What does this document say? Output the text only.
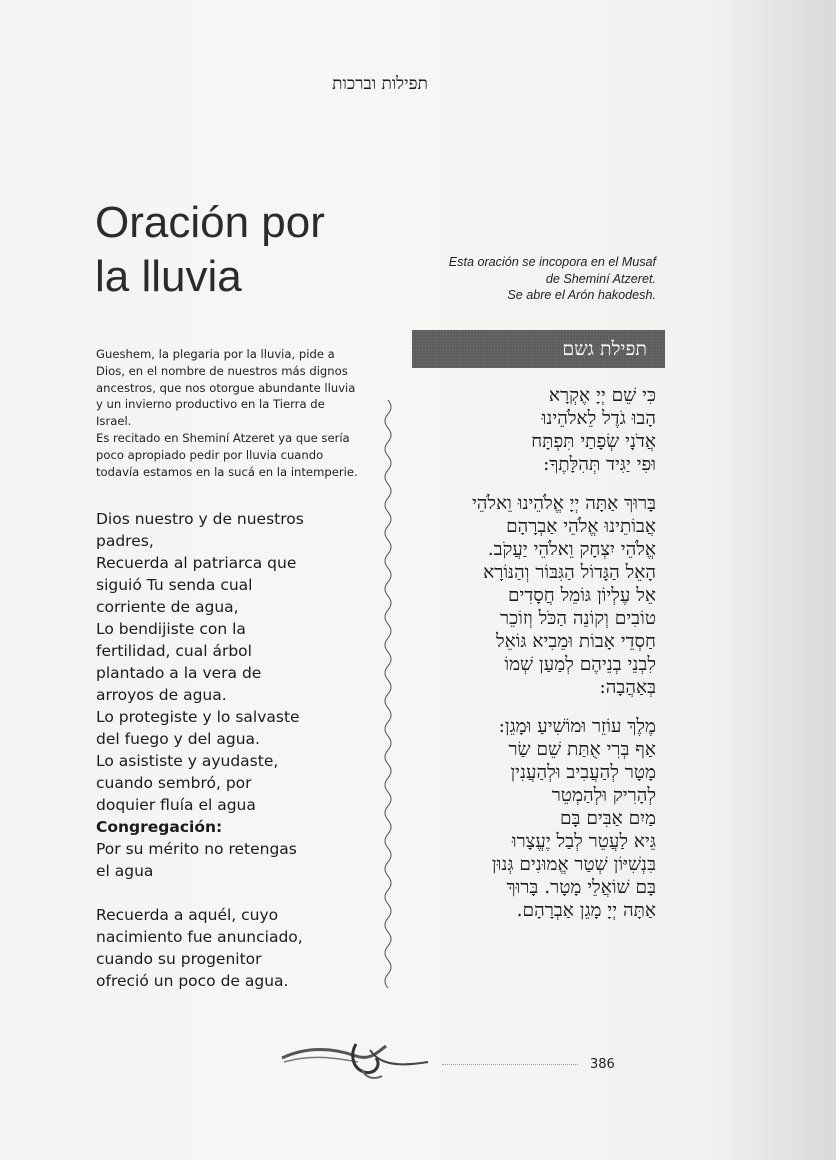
תפילות וברכות
Oración por
la lluvia

Gueshem, la plegaria por la lluvia, pide a Dios, en el nombre de nuestros más dignos ancestros, que nos otorgue abundante lluvia y un invierno productivo en la Tierra de Israel.

Es recitado en Sheminí Atzeret ya que sería poco apropiado pedir por lluvia cuando todavía estamos en la sucá en la intemperie.

Dios nuestro y de nuestros
padres,
Recuerda al patriarca que
siguió Tu senda cual
corriente de agua,
Lo bendijiste con la
fertilidad, cual árbol
plantado a la vera de
arroyos de agua.
Lo protegiste y lo salvaste
del fuego y del agua.
Lo asististe y ayudaste,
cuando sembró, por
doquier fluía el agua
Congregación:
Por su mérito no retengas
el agua
Recuerda a aquél, cuyo
nacimiento fue anunciado,
cuando su progenitor
ofreció un poco de agua.
Esta oración se incopora en el Musaf
de Sheminí Atzeret.
Se abre el Arón hakodesh.
תפילת גשם
כִּי שֵׁם יְיָ אֶקְרָא
הָבוּ גֹדֶל לֵאלֹהֵינוּ
אֲדֹנָי שְׂפָתַי תִּפְתָּח
וּפִי יַגִּיד תְּהִלָּתֶךָ:
בָּרוּךְ אַתָּה יְיָ אֱלֹהֵינוּ וֵאלֹהֵי
אֲבוֹתֵינוּ אֱלֹהֵי אַבְרָהָם
אֱלֹהֵי יִצְחָק וֵאלֹהֵי יַעֲקֹב.
הָאֵל הַגָּדוֹל הַגִּבּוֹר וְהַנּוֹרָא
אֵל עֶלְיוֹן גּוֹמֵל חֲסָדִים
טוֹבִים וְקוֹנֵה הַכֹּל וְזוֹכֵר
חַסְדֵי אָבוֹת וּמֵבִיא גּוֹאֵל
לִבְנֵי בְנֵיהֶם לְמַעַן שְׁמוֹ
בְּאַהֲבָה:
מֶלֶךְ עוֹזֵר וּמוֹשִׁיעַ וּמָגֵן:
אַף בְּרִי אֻתַּת שֵׁם שַׂר
מָטָר לְהַעֲבִיב וּלְהַעֲנִין
לְהָרִיק וּלְהַמְטֵר
מַיִם אַבִּים בָּם
גֵּיא לַעֲטֵר לְבַל יֶעֱצָרוּ
בִּנְשִׁיּוֹן שְׁטַר אֱמוּנִים גְּנוּן
בָּם שׁוֹאֲלֵי מָטָר. בָּרוּךְ
אַתָּה יְיָ מָגֵן אַבְרָהָם.
386
